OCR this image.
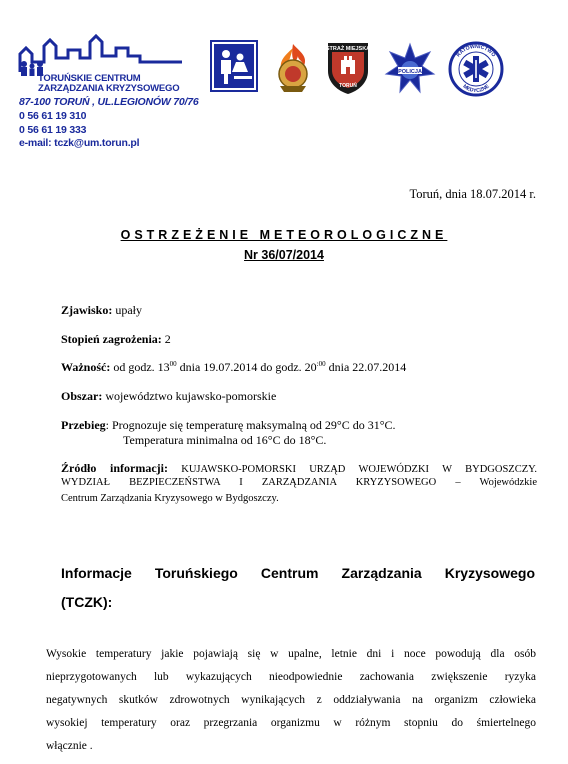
TORUŃSKIE CENTRUM
ZARZĄDZANIA KRYZYSOWEGO
87-100 TORUŃ , UL.LEGIONÓW 70/76
0 56 61 19 310
0 56 61 19 333
e-mail: tczk@um.torun.pl
STRAŻ MIEJSKA
TORUŃ
POLICJA
RATOWNICTWO
MEDYCZNE
Toruń, dnia 18.07.2014 r.
OSTRZEŻENIE METEOROLOGICZNE
Nr 36/07/2014
Zjawisko: upały
Stopień zagrożenia: 2
Ważność: od godz. $13^{00}$ dnia 19.07.2014 do godz. $20^{:00}$ dnia 22.07.2014
Obszar: województwo kujawsko-pomorskie
Przebieg: Prognozuje się temperaturę maksymalną od 29°C do 31°C.
Temperatura minimalna od 16°C do 18°C.
Źródło informacji: KUJAWSKO-POMORSKI URZĄD WOJEWÓDZKI W BYDGOSZCZY.
WYDZIAŁ BEZPIECZEŃSTWA I ZARZĄDZANIA KRYZYSOWEGO – Wojewódzkie
Centrum Zarządzania Kryzysowego w Bydgoszczy.
Informacje Toruńskiego Centrum Zarządzania Kryzysowego
(TCZK):
Wysokie temperatury jakie pojawiają się w upalne, letnie dni i noce powodują dla osób
nieprzygotowanych lub wykazujących nieodpowiednie zachowania zwiększenie ryzyka
negatywnych skutków zdrowotnych wynikających z oddziaływania na organizm człowieka
wysokiej temperatury oraz przegrzania organizmu w różnym stopniu do śmiertelnego
włącznie .
